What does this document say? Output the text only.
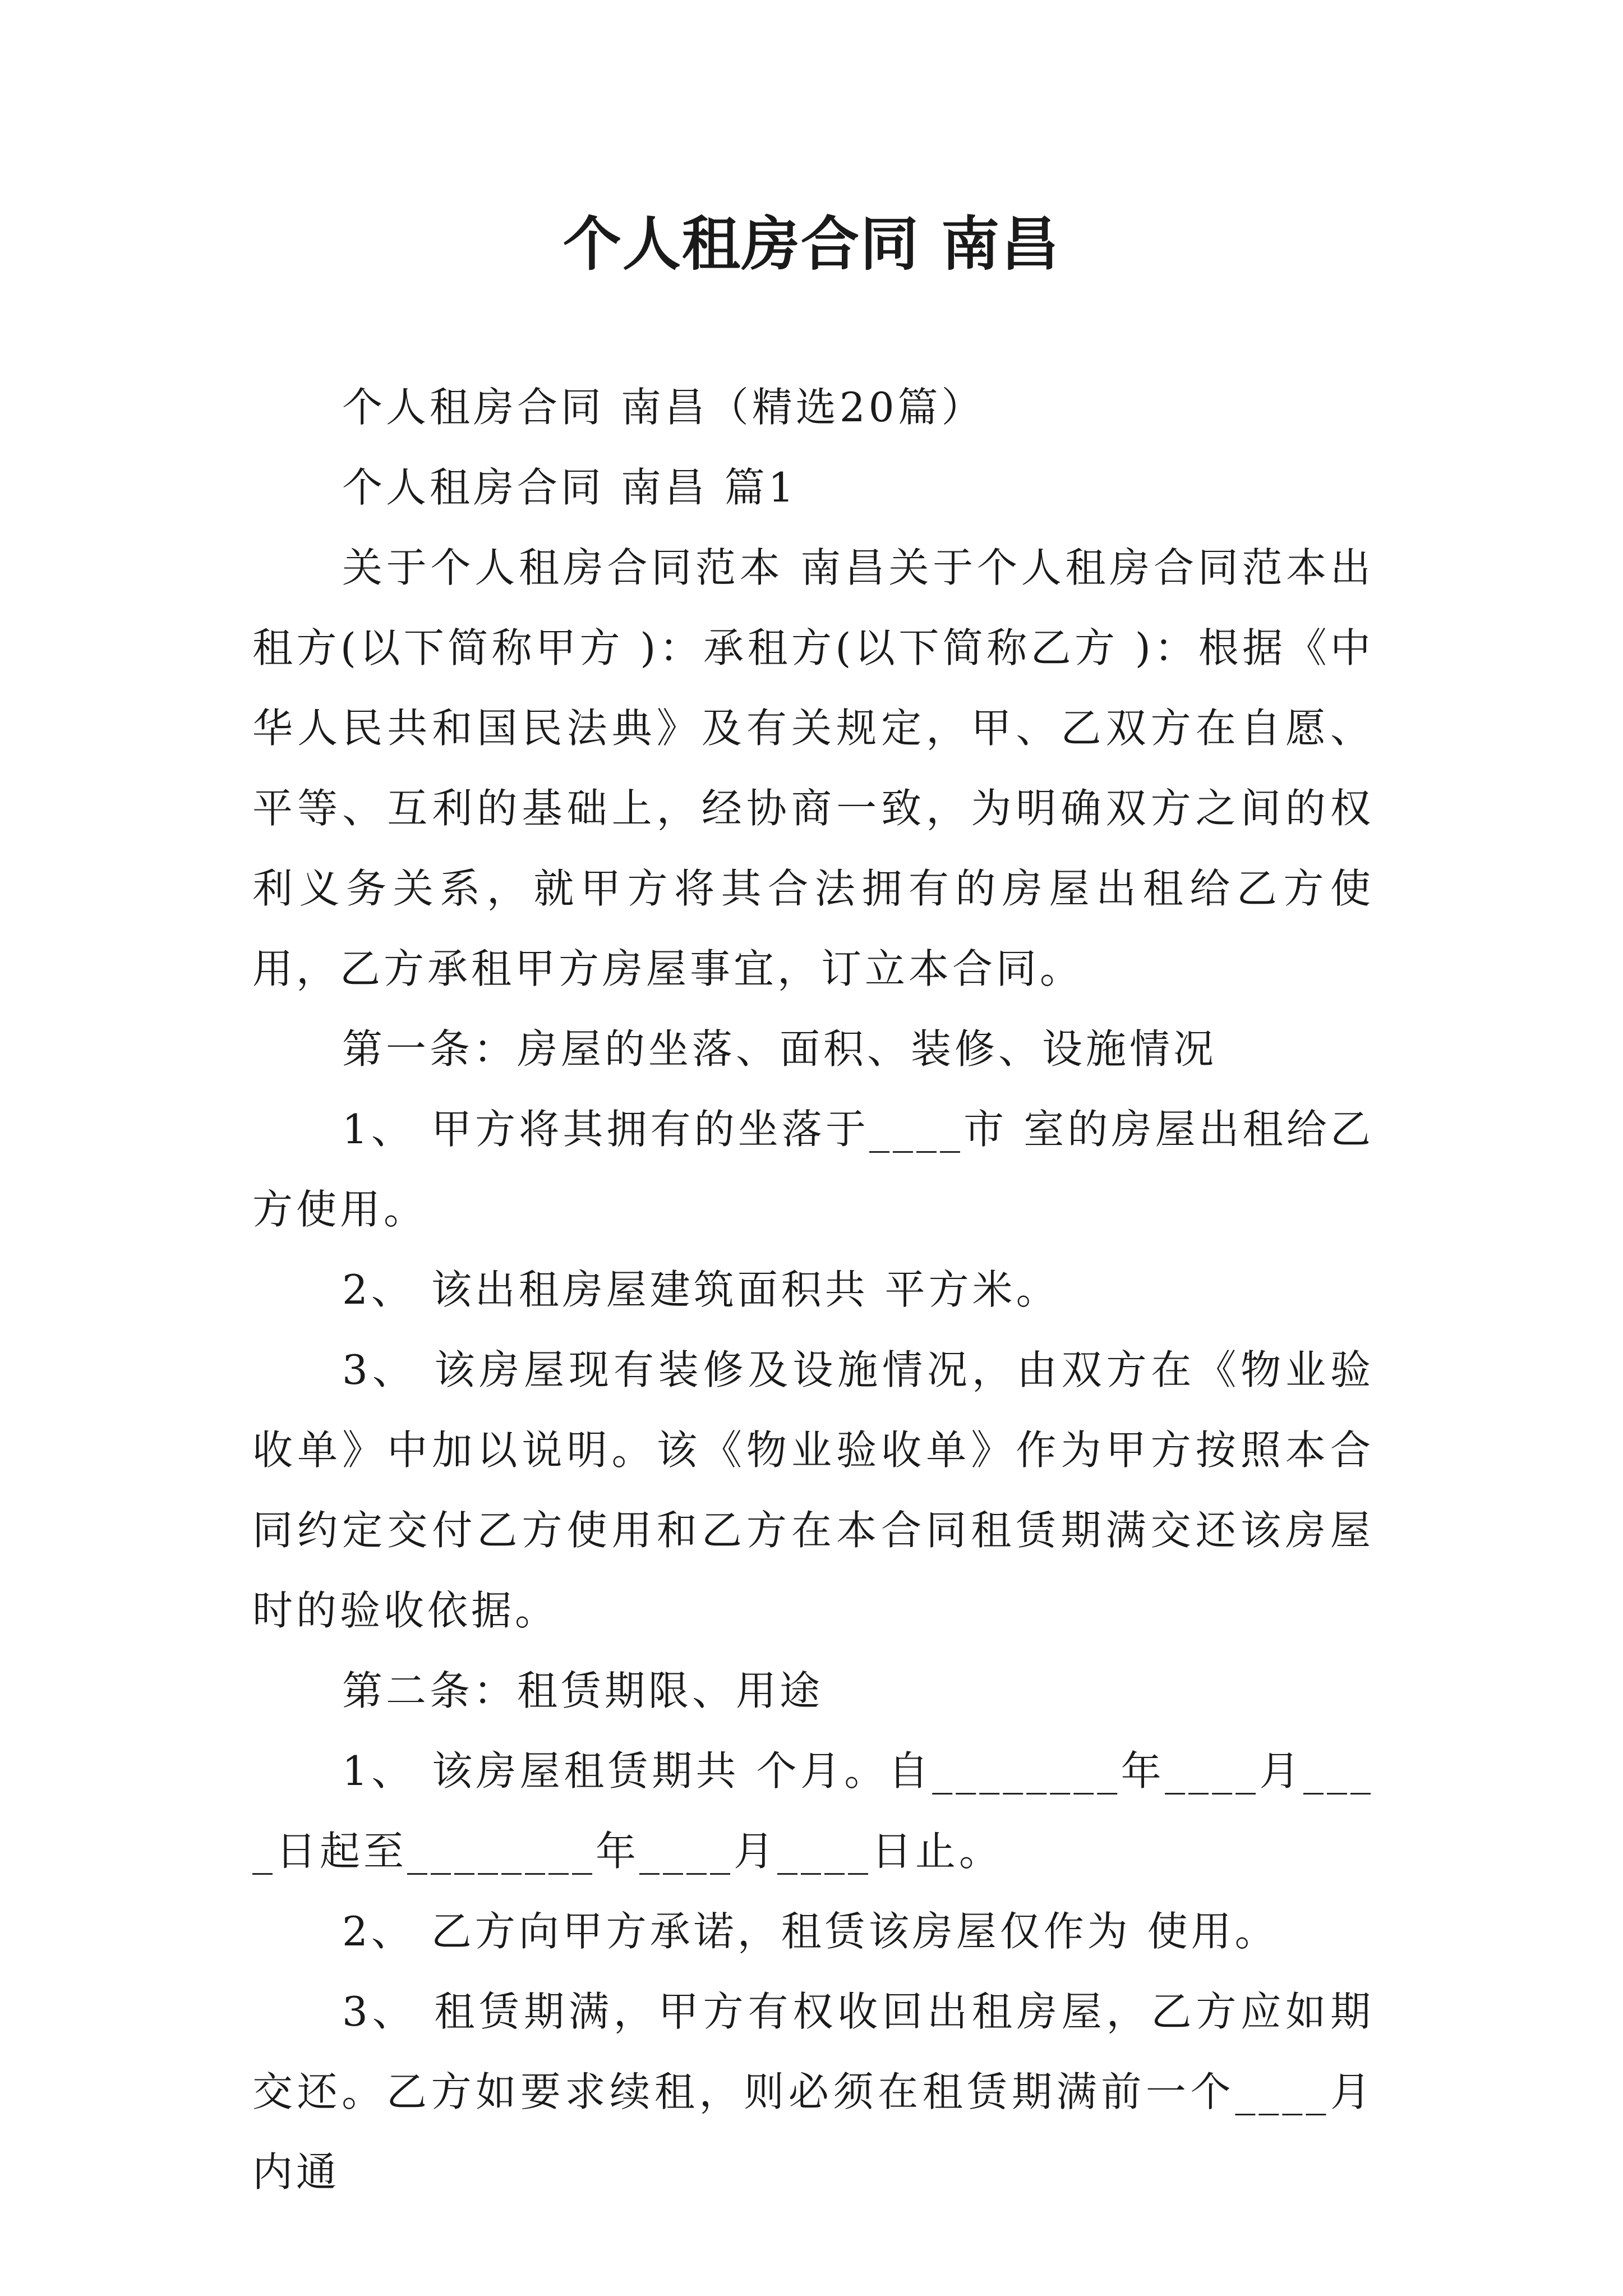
个人租房合同 南昌

个人租房合同 南昌（精选20篇）

个人租房合同 南昌 篇1

关于个人租房合同范本 南昌关于个人租房合同范本出租方(以下简称甲方 )：承租方(以下简称乙方 )：根据《中华人民共和国民法典》及有关规定，甲、乙双方在自愿、平等、互利的基础上，经协商一致，为明确双方之间的权利义务关系，就甲方将其合法拥有的房屋出租给乙方使用，乙方承租甲方房屋事宜，订立本合同。

第一条：房屋的坐落、面积、装修、设施情况

1、 甲方将其拥有的坐落于____市 室的房屋出租给乙方使用。

2、 该出租房屋建筑面积共 平方米。

3、 该房屋现有装修及设施情况，由双方在《物业验收单》中加以说明。该《物业验收单》作为甲方按照本合同约定交付乙方使用和乙方在本合同租赁期满交还该房屋时的验收依据。

第二条：租赁期限、用途

1、 该房屋租赁期共 个月。自________年____月____日起至________年____月____日止。

2、 乙方向甲方承诺，租赁该房屋仅作为 使用。

3、 租赁期满，甲方有权收回出租房屋，乙方应如期交还。乙方如要求续租，则必须在租赁期满前一个____月内通
